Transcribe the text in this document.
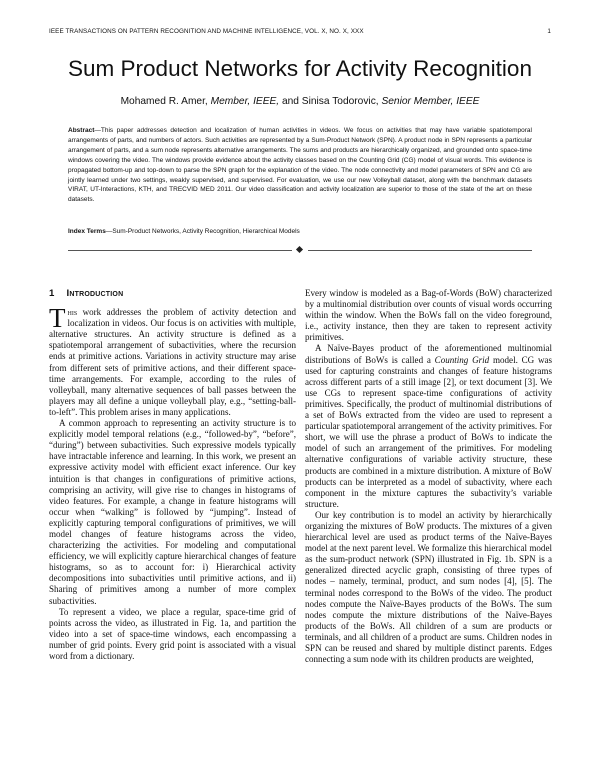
IEEE TRANSACTIONS ON PATTERN RECOGNITION AND MACHINE INTELLIGENCE, VOL. X, NO. X, XXX	1
Sum Product Networks for Activity Recognition
Mohamed R. Amer, Member, IEEE, and Sinisa Todorovic, Senior Member, IEEE

Abstract—This paper addresses detection and localization of human activities in videos. We focus on activities that may have variable spatiotemporal arrangements of parts, and numbers of actors. Such activities are represented by a Sum-Product Network (SPN). A product node in SPN represents a particular arrangement of parts, and a sum node represents alternative arrangements. The sums and products are hierarchically organized, and grounded onto space-time windows covering the video. The windows provide evidence about the activity classes based on the Counting Grid (CG) model of visual words. This evidence is propagated bottom-up and top-down to parse the SPN graph for the explanation of the video. The node connectivity and model parameters of SPN and CG are jointly learned under two settings, weakly supervised, and supervised. For evaluation, we use our new Volleyball dataset, along with the benchmark datasets VIRAT, UT-Interactions, KTH, and TRECVID MED 2011. Our video classification and activity localization are superior to those of the state of the art on these datasets.

Index Terms—Sum-Product Networks, Activity Recognition, Hierarchical Models

1 Introduction

This work addresses the problem of activity detection and localization in videos. Our focus is on activities with multiple, alternative structures. An activity structure is defined as a spatiotemporal arrangement of subactivities, where the recursion ends at primitive actions. Variations in activity structure may arise from different sets of primitive actions, and their different space-time arrangements. For example, according to the rules of volleyball, many alternative sequences of ball passes between the players may all define a unique volleyball play, e.g., “setting-ball-to-left”. This problem arises in many applications.

A common approach to representing an activity structure is to explicitly model temporal relations (e.g., “followed-by”, “before”, “during”) between subactivities. Such expressive models typically have intractable inference and learning. In this work, we present an expressive activity model with efficient exact inference. Our key intuition is that changes in configurations of primitive actions, comprising an activity, will give rise to changes in histograms of video features. For example, a change in feature histograms will occur when “walking” is followed by “jumping”. Instead of explicitly capturing temporal configurations of primitives, we will model changes of feature histograms across the video, characterizing the activities. For modeling and computational efficiency, we will explicitly capture hierarchical changes of feature histograms, so as to account for: i) Hierarchical activity decompositions into subactivities until primitive actions, and ii) Sharing of primitives among a number of more complex subactivities.

To represent a video, we place a regular, space-time grid of points across the video, as illustrated in Fig. 1a, and partition the video into a set of space-time windows, each encompassing a number of grid points. Every grid point is associated with a visual word from a dictionary.

Every window is modeled as a Bag-of-Words (BoW) characterized by a multinomial distribution over counts of visual words occurring within the window. When the BoWs fall on the video foreground, i.e., activity instance, then they are taken to represent activity primitives.

A Naïve-Bayes product of the aforementioned multinomial distributions of BoWs is called a Counting Grid model. CG was used for capturing constraints and changes of feature histograms across different parts of a still image [2], or text document [3]. We use CGs to represent space-time configurations of activity primitives. Specifically, the product of multinomial distributions of a set of BoWs extracted from the video are used to represent a particular spatiotemporal arrangement of the activity primitives. For short, we will use the phrase a product of BoWs to indicate the model of such an arrangement of the primitives. For modeling alternative configurations of variable activity structure, these products are combined in a mixture distribution. A mixture of BoW products can be interpreted as a model of subactivity, where each component in the mixture captures the subactivity’s variable structure.

Our key contribution is to model an activity by hierarchically organizing the mixtures of BoW products. The mixtures of a given hierarchical level are used as product terms of the Naïve-Bayes model at the next parent level. We formalize this hierarchical model as the sum-product network (SPN) illustrated in Fig. 1b. SPN is a generalized directed acyclic graph, consisting of three types of nodes – namely, terminal, product, and sum nodes [4], [5]. The terminal nodes correspond to the BoWs of the video. The product nodes compute the Naïve-Bayes products of the BoWs. The sum nodes compute the mixture distributions of the Naïve-Bayes products of the BoWs. All children of a sum are products or terminals, and all children of a product are sums. Children nodes in SPN can be reused and shared by multiple distinct parents. Edges connecting a sum node with its children products are weighted,
